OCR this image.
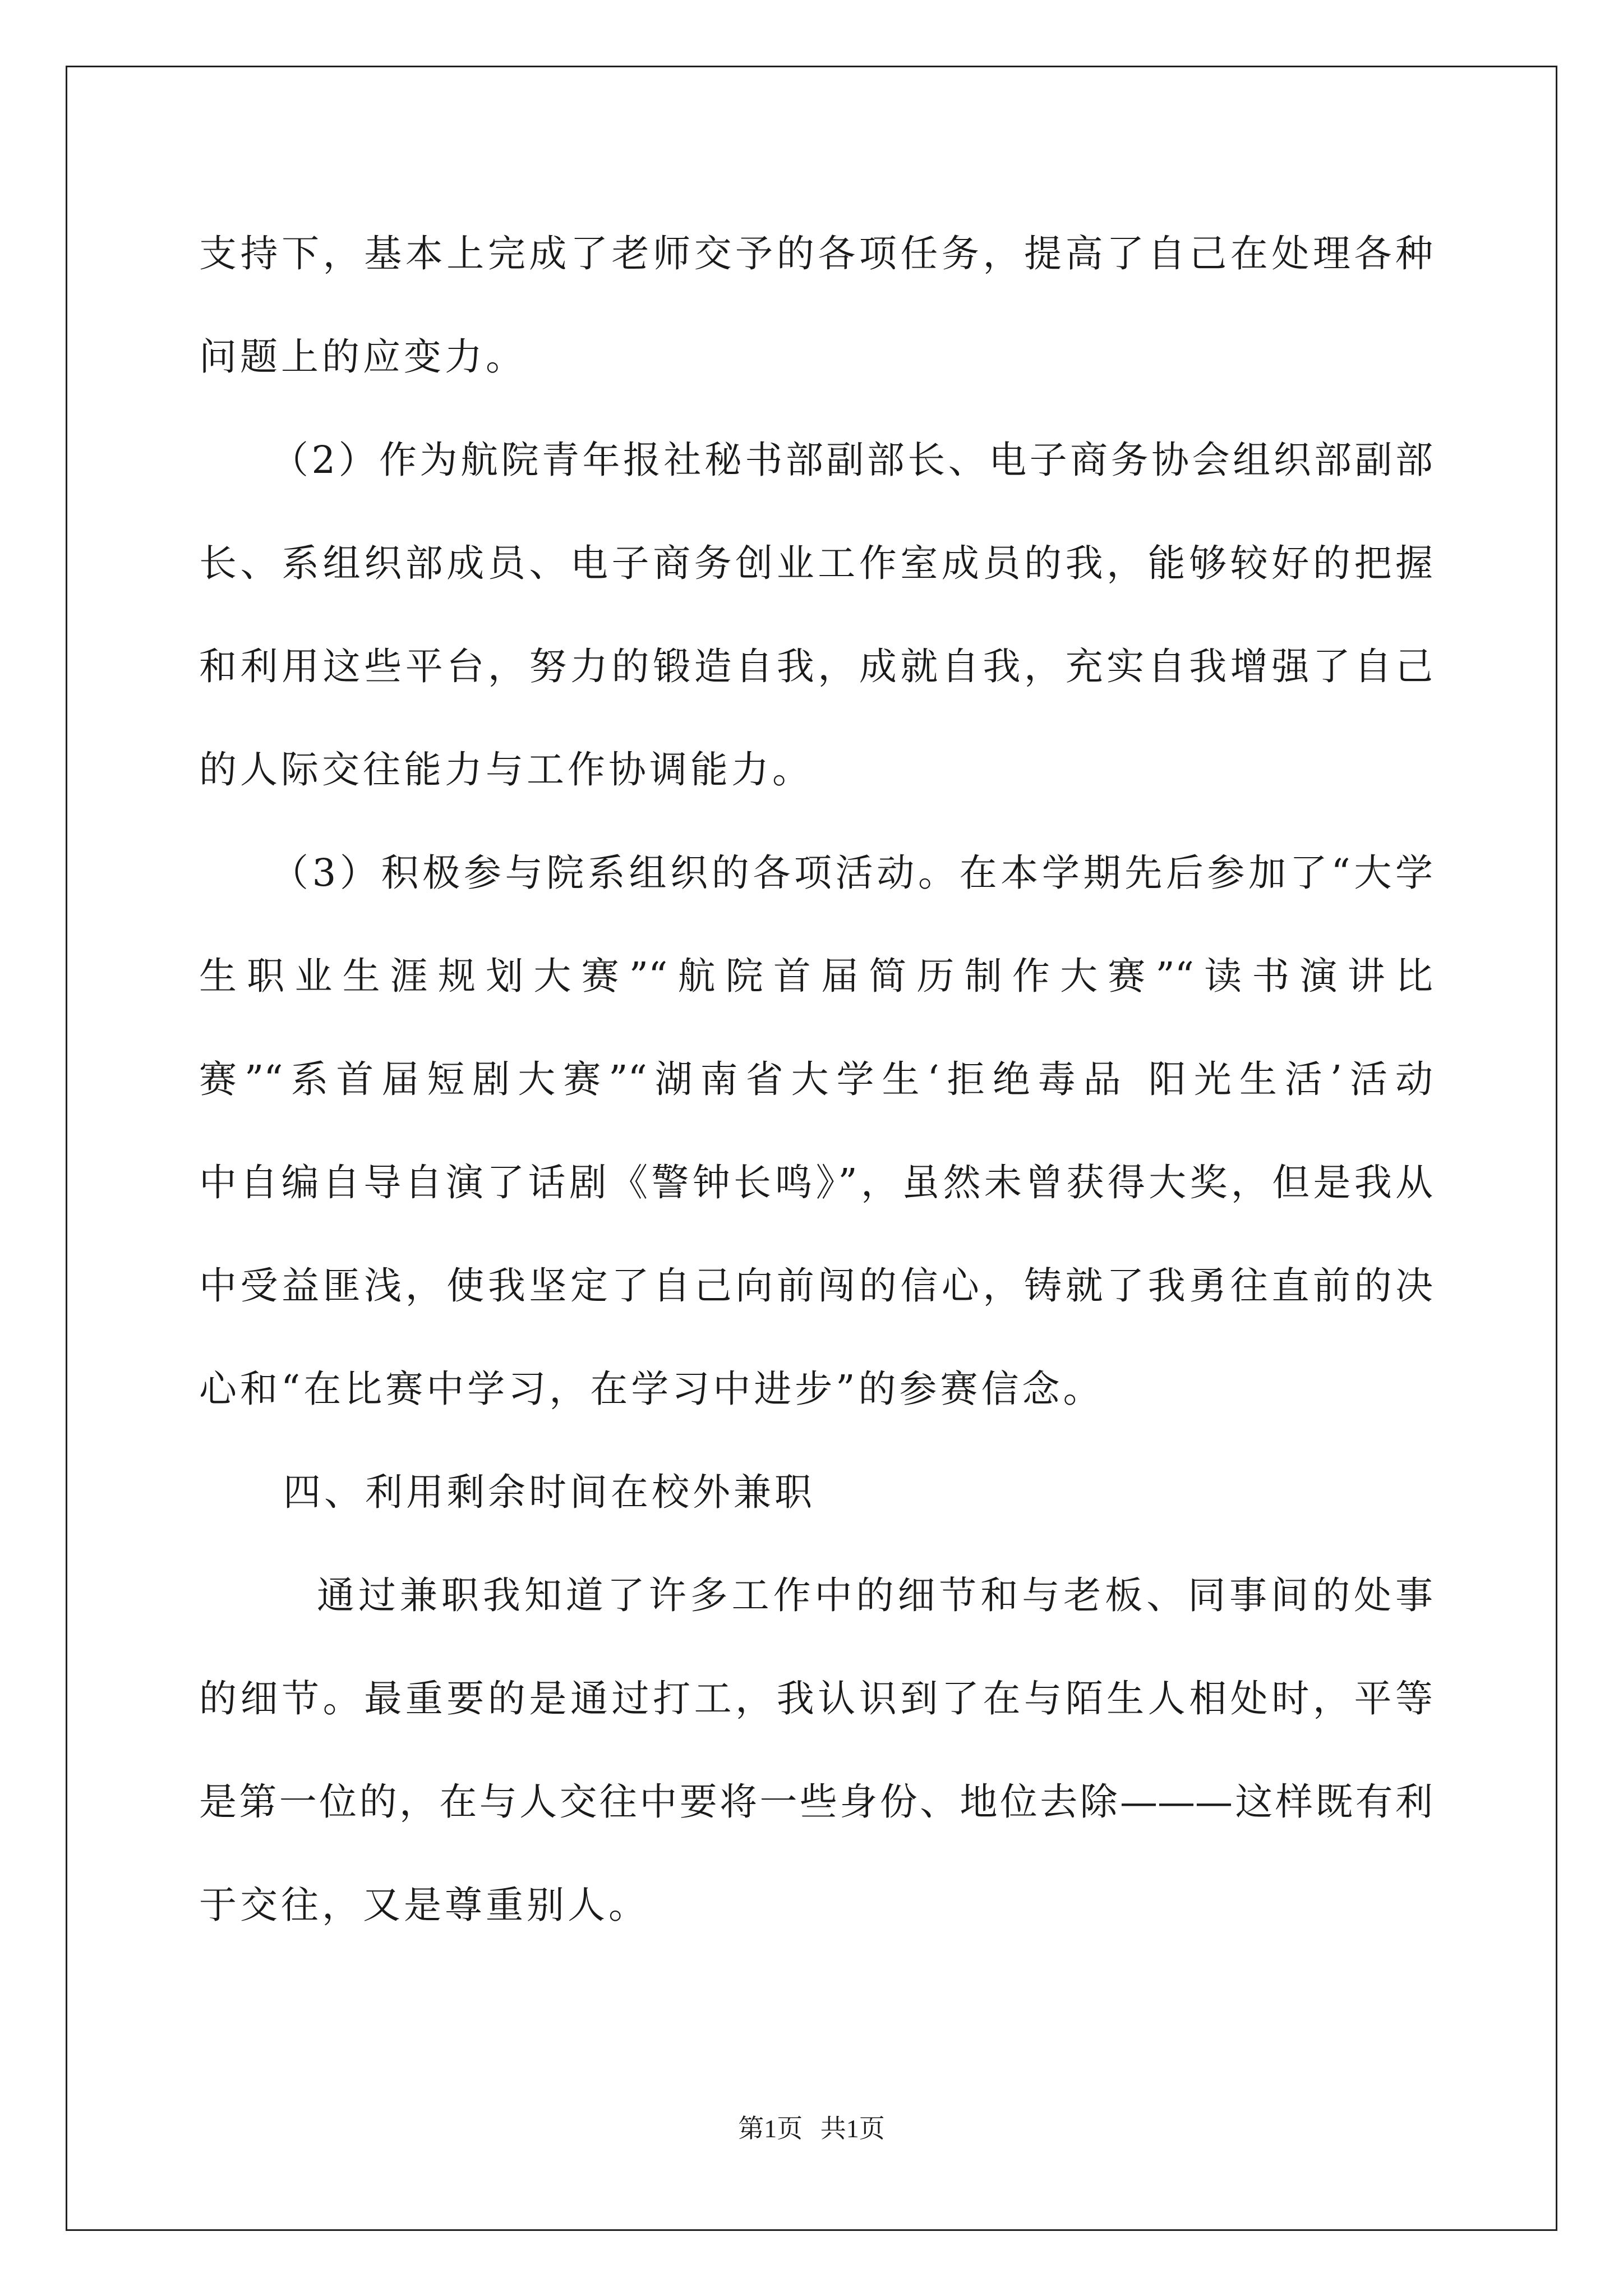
支持下，基本上完成了老师交予的各项任务，提高了自己在处理各种
问题上的应变力。
（2）作为航院青年报社秘书部副部长、电子商务协会组织部副部
长、系组织部成员、电子商务创业工作室成员的我，能够较好的把握
和利用这些平台，努力的锻造自我，成就自我，充实自我增强了自己
的人际交往能力与工作协调能力。
（3）积极参与院系组织的各项活动。在本学期先后参加了“大学
生职业生涯规划大赛”“航院首届简历制作大赛”“读书演讲比
赛”“系首届短剧大赛”“湖南省大学生‘拒绝毒品 阳光生活’活动
中自编自导自演了话剧《警钟长鸣》”，虽然未曾获得大奖，但是我从
中受益匪浅，使我坚定了自己向前闯的信心，铸就了我勇往直前的决
心和“在比赛中学习，在学习中进步”的参赛信念。
四、利用剩余时间在校外兼职
通过兼职我知道了许多工作中的细节和与老板、同事间的处事
的细节。最重要的是通过打工，我认识到了在与陌生人相处时，平等
是第一位的，在与人交往中要将一些身份、地位去除———这样既有利
于交往，又是尊重别人。
第1页 共1页
